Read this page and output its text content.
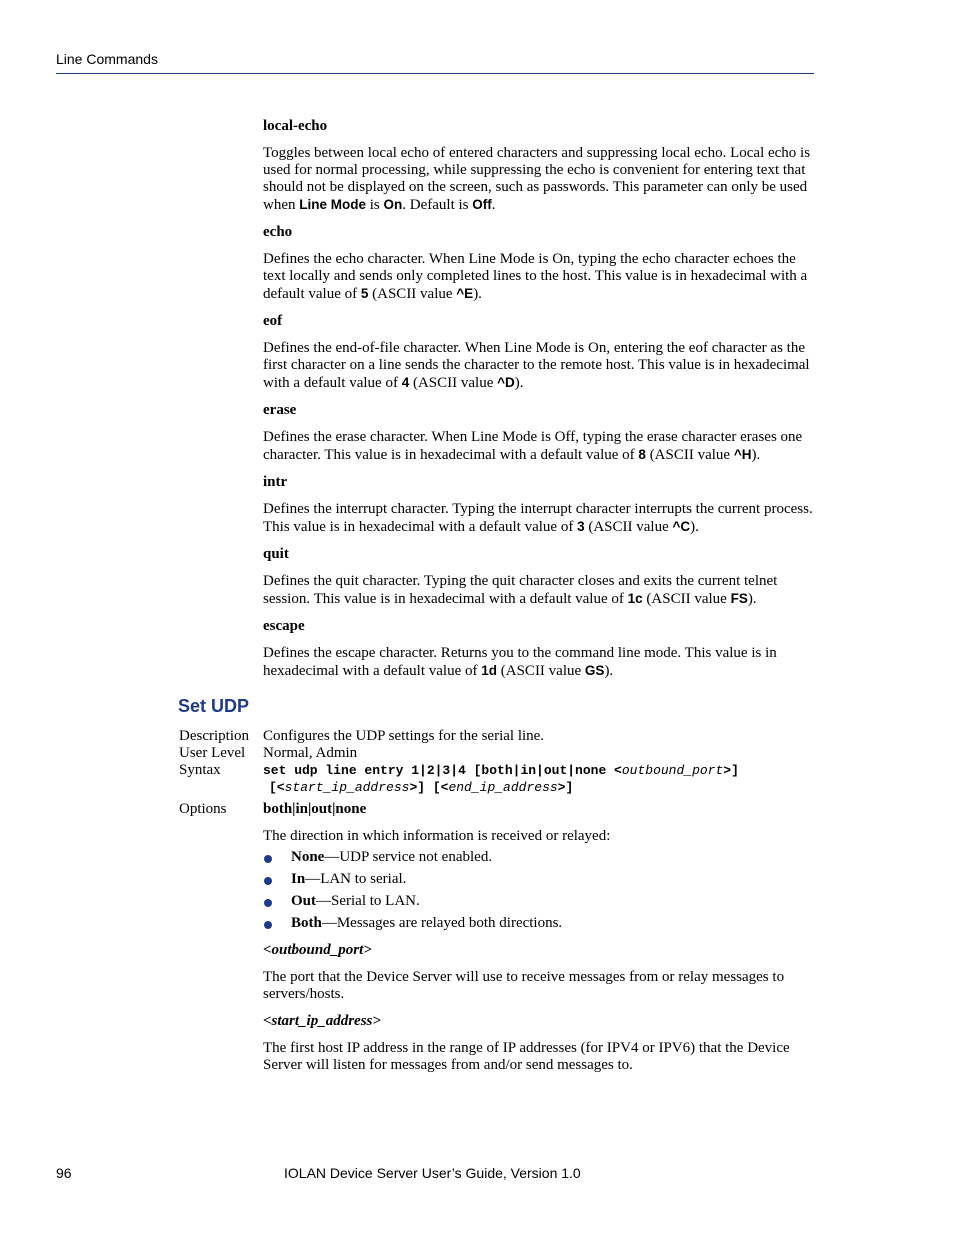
Line Commands
local-echo
Toggles between local echo of entered characters and suppressing local echo. Local echo is used for normal processing, while suppressing the echo is convenient for entering text that should not be displayed on the screen, such as passwords. This parameter can only be used when Line Mode is On. Default is Off.
echo
Defines the echo character. When Line Mode is On, typing the echo character echoes the text locally and sends only completed lines to the host. This value is in hexadecimal with a default value of 5 (ASCII value ^E).
eof
Defines the end-of-file character. When Line Mode is On, entering the eof character as the first character on a line sends the character to the remote host. This value is in hexadecimal with a default value of 4 (ASCII value ^D).
erase
Defines the erase character. When Line Mode is Off, typing the erase character erases one character. This value is in hexadecimal with a default value of 8 (ASCII value ^H).
intr
Defines the interrupt character. Typing the interrupt character interrupts the current process. This value is in hexadecimal with a default value of 3 (ASCII value ^C).
quit
Defines the quit character. Typing the quit character closes and exits the current telnet session. This value is in hexadecimal with a default value of 1c (ASCII value FS).
escape
Defines the escape character. Returns you to the command line mode. This value is in hexadecimal with a default value of 1d (ASCII value GS).
Set UDP
Description Configures the UDP settings for the serial line.
User Level	Normal, Admin
Syntax	set udp line entry 1|2|3|4 [both|in|out|none <outbound_port>]
[<start_ip_address>] [<end_ip_address>]
Options	both|in|out|none
The direction in which information is received or relayed:
None—UDP service not enabled.
In—LAN to serial.
Out—Serial to LAN.
Both—Messages are relayed both directions.
<outbound_port>
The port that the Device Server will use to receive messages from or relay messages to servers/hosts.
<start_ip_address>
The first host IP address in the range of IP addresses (for IPV4 or IPV6) that the Device Server will listen for messages from and/or send messages to.
96	IOLAN Device Server User’s Guide, Version 1.0
